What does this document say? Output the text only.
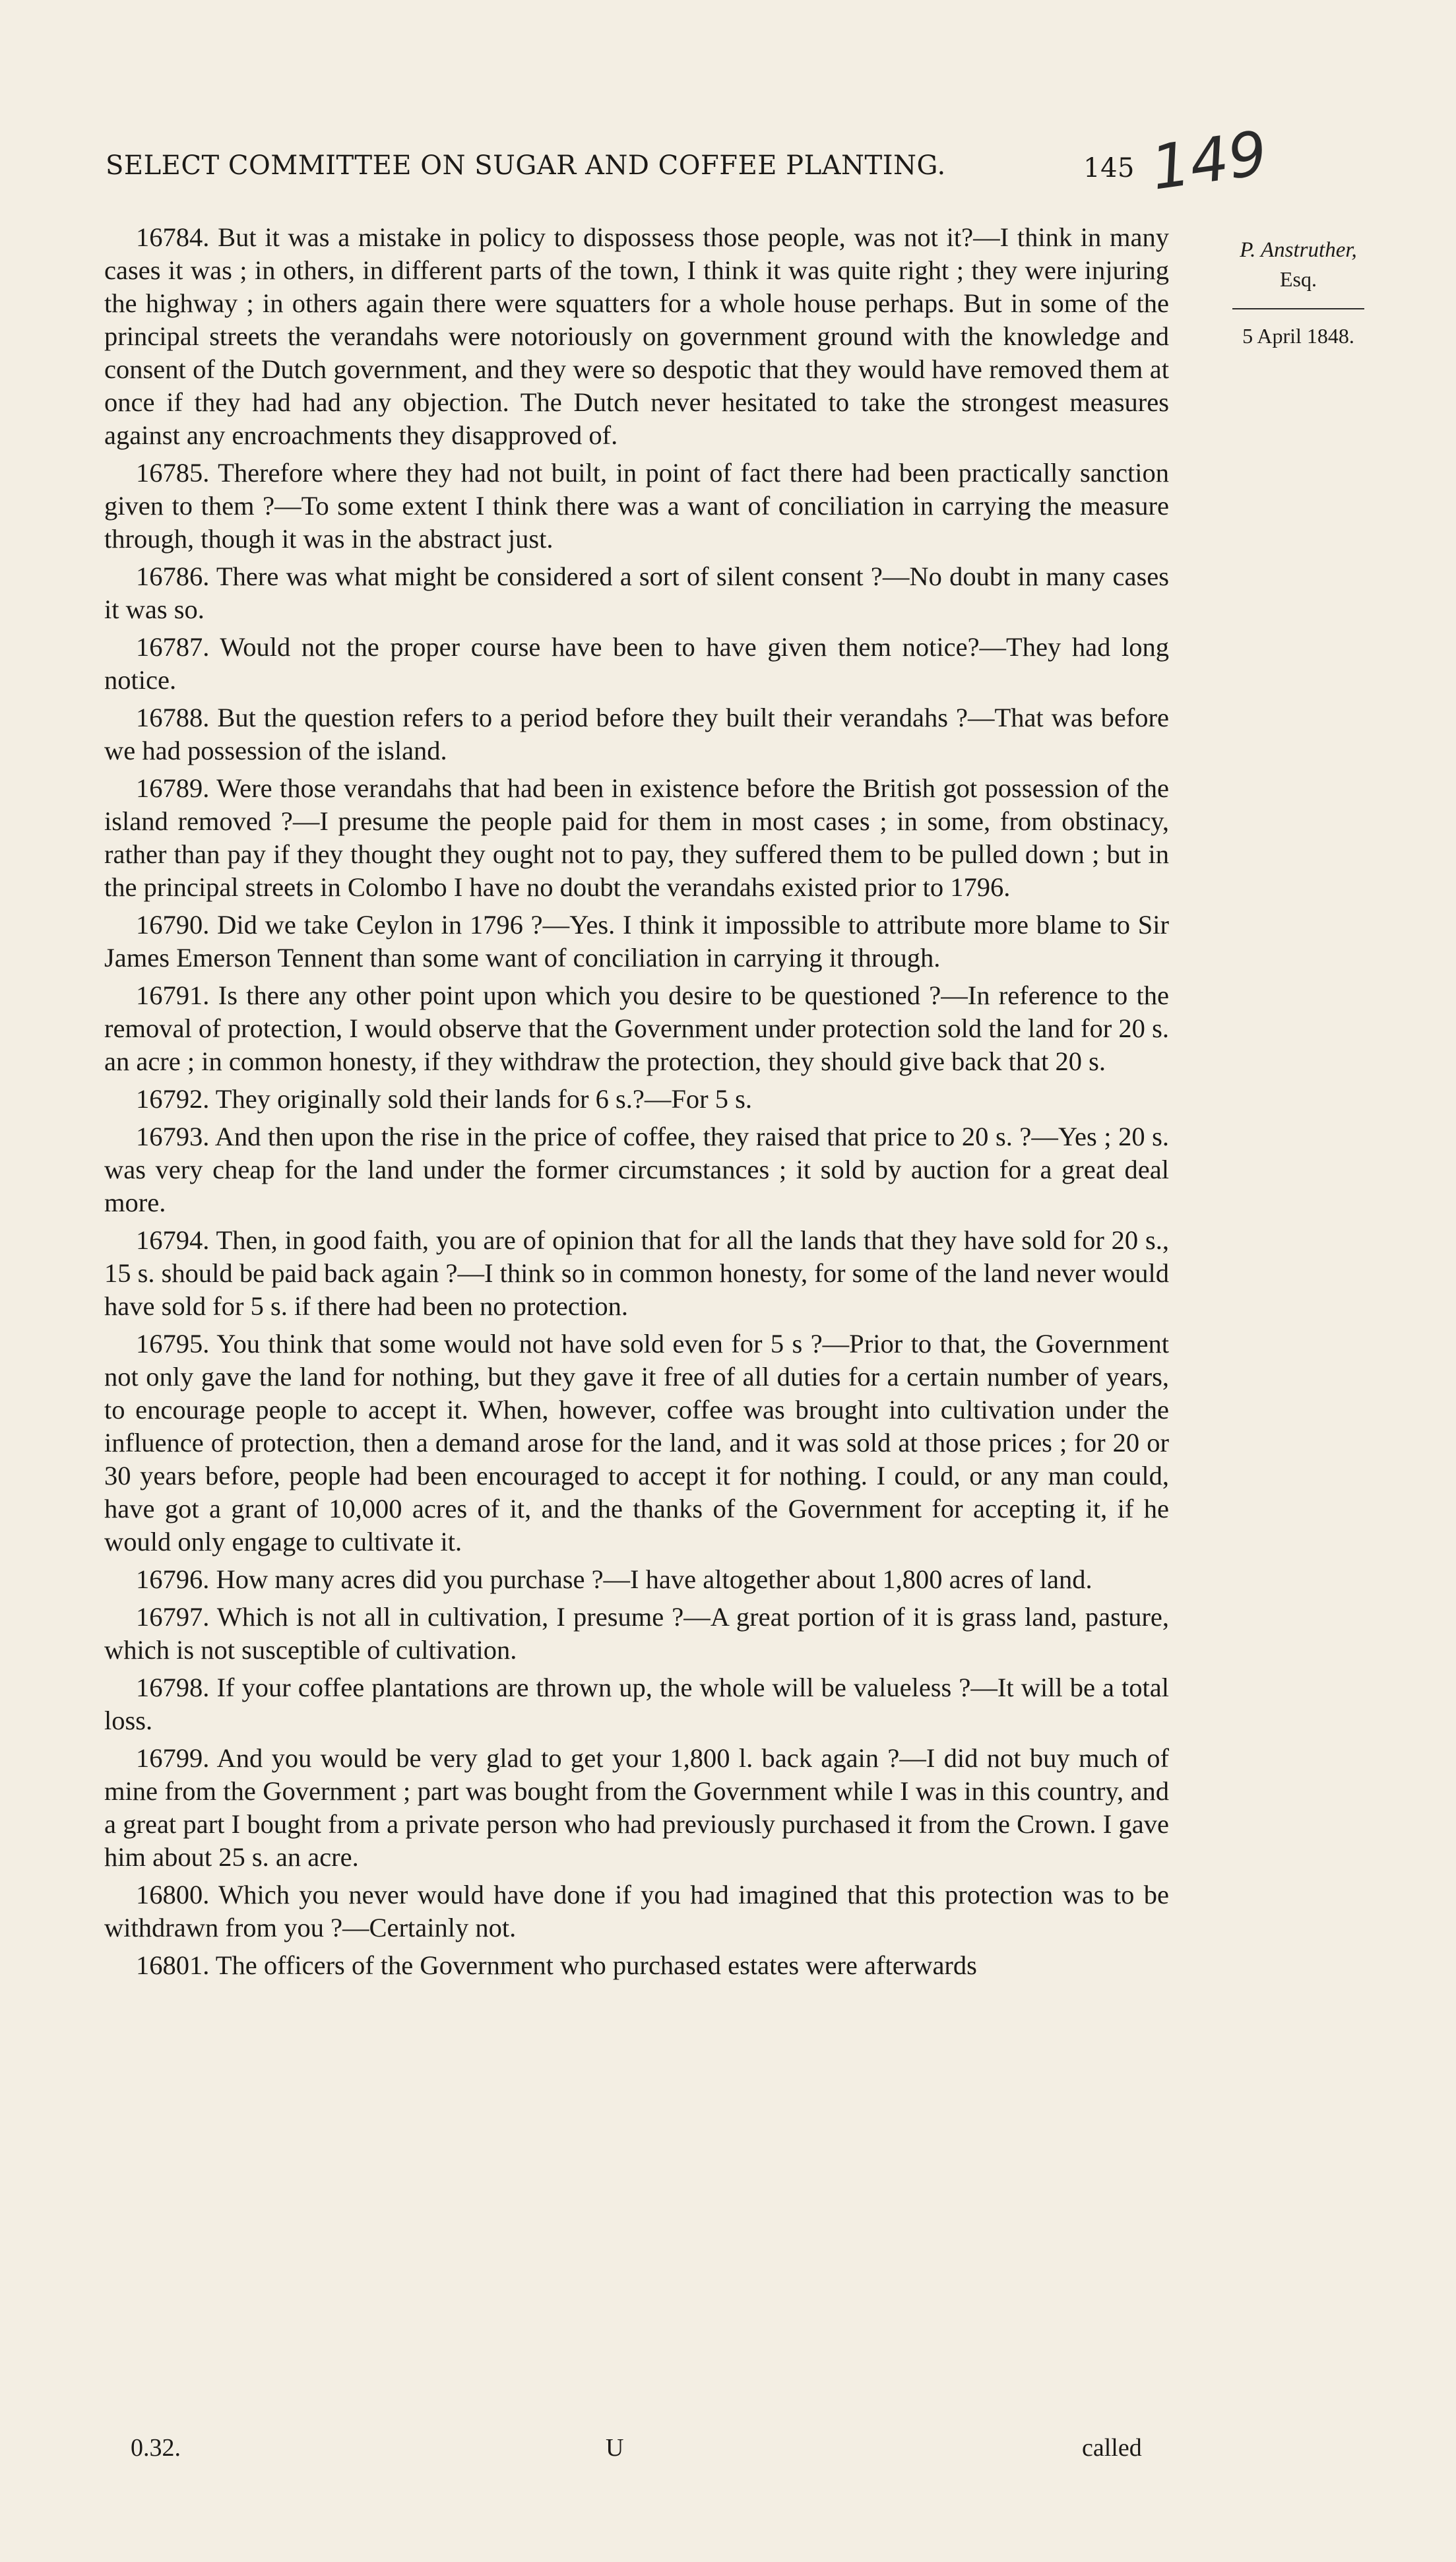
SELECT COMMITTEE ON SUGAR AND COFFEE PLANTING.	145 149
P. Anstruther,
Esq.
5 April 1848.

16784. But it was a mistake in policy to dispossess those people, was not it?—I think in many cases it was ; in others, in different parts of the town, I think it was quite right ; they were injuring the highway ; in others again there were squatters for a whole house perhaps. But in some of the principal streets the verandahs were notoriously on government ground with the knowledge and consent of the Dutch government, and they were so despotic that they would have removed them at once if they had had any objection. The Dutch never hesitated to take the strongest measures against any encroachments they disapproved of.

16785. Therefore where they had not built, in point of fact there had been practically sanction given to them ?—To some extent I think there was a want of conciliation in carrying the measure through, though it was in the abstract just.

16786. There was what might be considered a sort of silent consent ?—No doubt in many cases it was so.

16787. Would not the proper course have been to have given them notice?—They had long notice.

16788. But the question refers to a period before they built their verandahs ?—That was before we had possession of the island.

16789. Were those verandahs that had been in existence before the British got possession of the island removed ?—I presume the people paid for them in most cases ; in some, from obstinacy, rather than pay if they thought they ought not to pay, they suffered them to be pulled down ; but in the principal streets in Colombo I have no doubt the verandahs existed prior to 1796.

16790. Did we take Ceylon in 1796 ?—Yes. I think it impossible to attribute more blame to Sir James Emerson Tennent than some want of conciliation in carrying it through.

16791. Is there any other point upon which you desire to be questioned ?—In reference to the removal of protection, I would observe that the Government under protection sold the land for 20 s. an acre ; in common honesty, if they withdraw the protection, they should give back that 20 s.

16792. They originally sold their lands for 6 s.?—For 5 s.

16793. And then upon the rise in the price of coffee, they raised that price to 20 s. ?—Yes ; 20 s. was very cheap for the land under the former circumstances ; it sold by auction for a great deal more.

16794. Then, in good faith, you are of opinion that for all the lands that they have sold for 20 s., 15 s. should be paid back again ?—I think so in common honesty, for some of the land never would have sold for 5 s. if there had been no protection.

16795. You think that some would not have sold even for 5 s ?—Prior to that, the Government not only gave the land for nothing, but they gave it free of all duties for a certain number of years, to encourage people to accept it. When, however, coffee was brought into cultivation under the influence of protection, then a demand arose for the land, and it was sold at those prices ; for 20 or 30 years before, people had been encouraged to accept it for nothing. I could, or any man could, have got a grant of 10,000 acres of it, and the thanks of the Government for accepting it, if he would only engage to cultivate it.

16796. How many acres did you purchase ?—I have altogether about 1,800 acres of land.

16797. Which is not all in cultivation, I presume ?—A great portion of it is grass land, pasture, which is not susceptible of cultivation.

16798. If your coffee plantations are thrown up, the whole will be valueless ?—It will be a total loss.

16799. And you would be very glad to get your 1,800 l. back again ?—I did not buy much of mine from the Government ; part was bought from the Government while I was in this country, and a great part I bought from a private person who had previously purchased it from the Crown. I gave him about 25 s. an acre.

16800. Which you never would have done if you had imagined that this protection was to be withdrawn from you ?—Certainly not.

16801. The officers of the Government who purchased estates were afterwards

0.32.	U	called
